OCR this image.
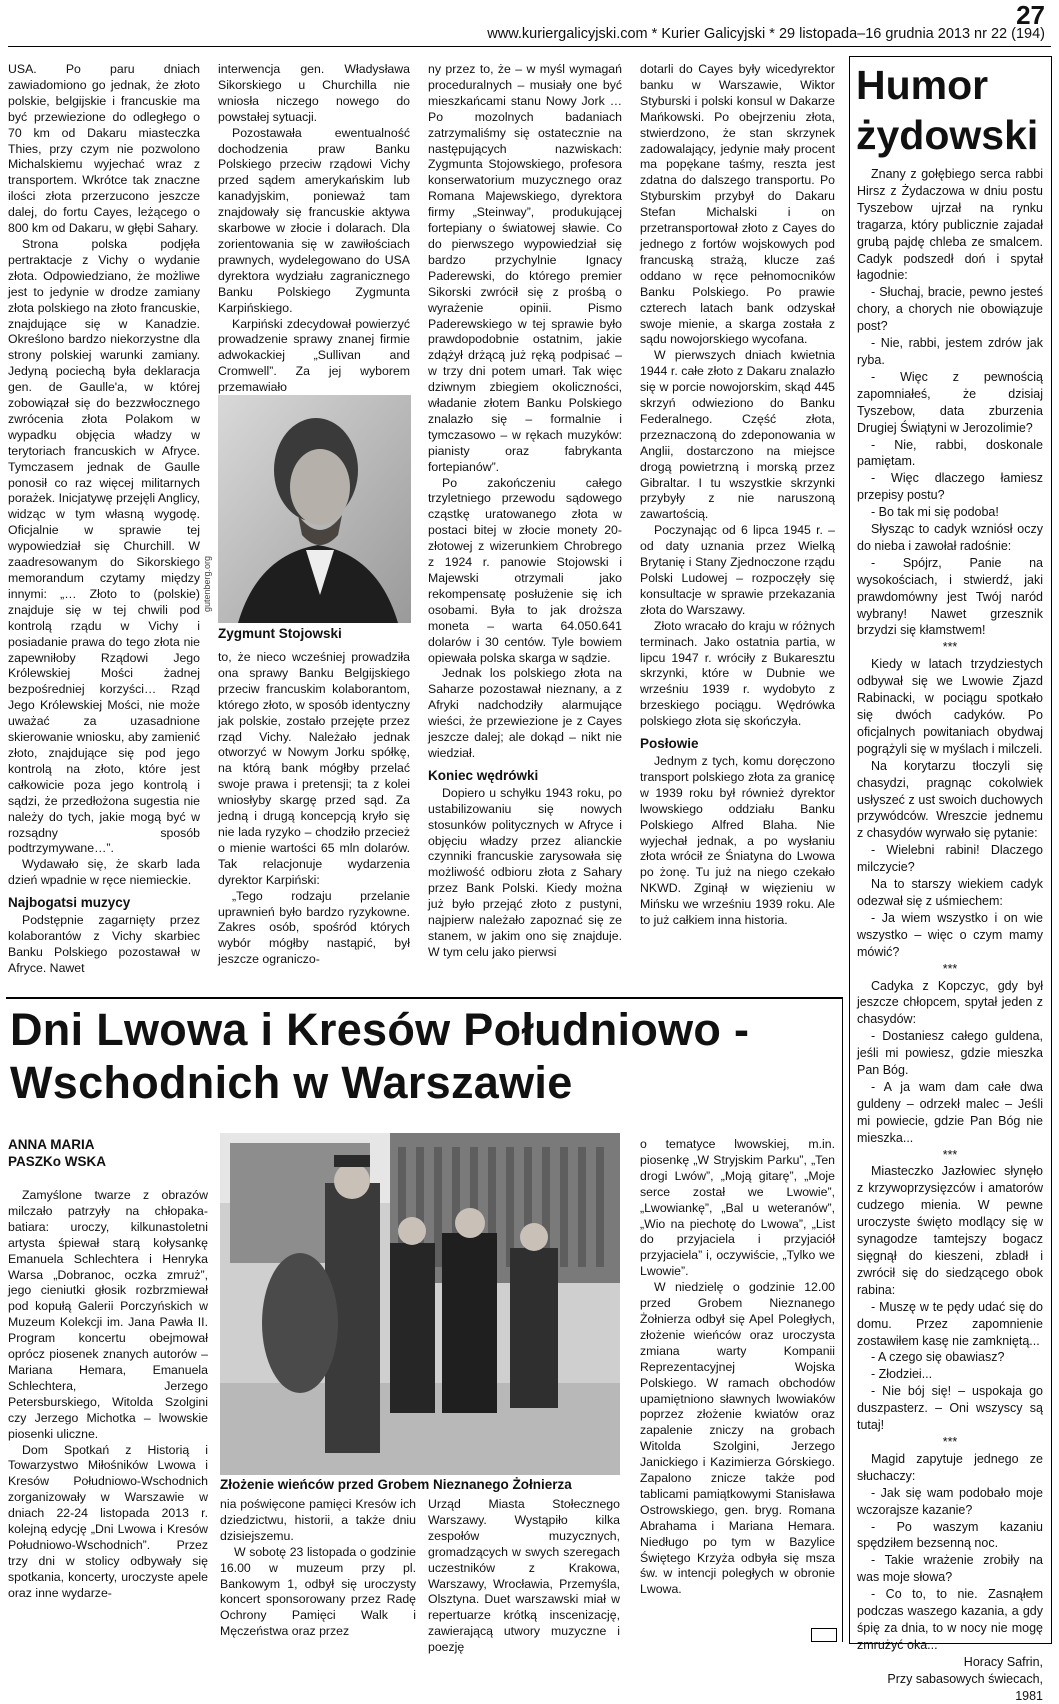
27
www.kuriergalicyjski.com * Kurier Galicyjski * 29 listopada–16 grudnia 2013 nr 22 (194)

USA. Po paru dniach zawiadomiono go jednak, że złoto polskie, belgijskie i francuskie ma być przewiezione do odległego o 70 km od Dakaru miasteczka Thies, przy czym nie pozwolono Michalskiemu wyjechać wraz z transportem. Wkrótce tak znaczne ilości złota przerzucono jeszcze dalej, do fortu Cayes, leżącego o 800 km od Dakaru, w głębi Sahary.

Strona polska podjęła pertraktacje z Vichy o wydanie złota. Odpowiedziano, że możliwe jest to jedynie w drodze zamiany złota polskiego na złoto francuskie, znajdujące się w Kanadzie. Określono bardzo niekorzystne dla strony polskiej warunki zamiany. Jedyną pociechą była deklaracja gen. de Gaulle'a, w której zobowiązał się do bezzwłocznego zwrócenia złota Polakom w wypadku objęcia władzy w terytoriach francuskich w Afryce. Tymczasem jednak de Gaulle ponosił co raz więcej militarnych porażek. Inicjatywę przejęli Anglicy, widząc w tym własną wygodę. Oficjalnie w sprawie tej wypowiedział się Churchill. W zaadresowanym do Sikorskiego memorandum czytamy między innymi: „… Złoto to (polskie) znajduje się w tej chwili pod kontrolą rządu w Vichy i posiadanie prawa do tego złota nie zapewniłoby Rządowi Jego Królewskiej Mości żadnej bezpośredniej korzyści… Rząd Jego Królewskiej Mości, nie może uważać za uzasadnione skierowanie wniosku, aby zamienić złoto, znajdujące się pod jego kontrolą na złoto, które jest całkowicie poza jego kontrolą i sądzi, że przedłożona sugestia nie należy do tych, jakie mogą być w rozsądny sposób podtrzymywane…”.

Wydawało się, że skarb lada dzień wpadnie w ręce niemieckie.

Najbogatsi muzycy

Podstępnie zagarnięty przez kolaborantów z Vichy skarbiec Banku Polskiego pozostawał w Afryce. Nawet

interwencja gen. Władysława Sikorskiego u Churchilla nie wniosła niczego nowego do powstałej sytuacji.

Pozostawała ewentualność dochodzenia praw Banku Polskiego przeciw rządowi Vichy przed sądem amerykańskim lub kanadyjskim, ponieważ tam znajdowały się francuskie aktywa skarbowe w złocie i dolarach. Dla zorientowania się w zawiłościach prawnych, wydelegowano do USA dyrektora wydziału zagranicznego Banku Polskiego Zygmunta Karpińskiego.

Karpiński zdecydował powierzyć prowadzenie sprawy znanej firmie adwokackiej „Sullivan and Cromwell”. Za jej wyborem przemawiało

gutenberg.org
Zygmunt Stojowski

to, że nieco wcześniej prowadziła ona sprawy Banku Belgijskiego przeciw francuskim kolaborantom, którego złoto, w sposób identyczny jak polskie, zostało przejęte przez rząd Vichy. Należało jednak otworzyć w Nowym Jorku spółkę, na którą bank mógłby przelać swoje prawa i pretensji; ta z kolei wniosłyby skargę przed sąd. Za jedną i drugą koncepcją kryło się nie lada ryzyko – chodziło przecież o mienie wartości 65 mln dolarów. Tak relacjonuje wydarzenia dyrektor Karpiński:

„Tego rodzaju przelanie uprawnień było bardzo ryzykowne. Zakres osób, spośród których wybór mógłby nastąpić, był jeszcze ograniczo-

ny przez to, że – w myśl wymagań proceduralnych – musiały one być mieszkańcami stanu Nowy Jork …Po mozolnych badaniach zatrzymaliśmy się ostatecznie na następujących nazwiskach: Zygmunta Stojowskiego, profesora konserwatorium muzycznego oraz Romana Majewskiego, dyrektora firmy „Steinway”, produkującej fortepiany o światowej sławie. Co do pierwszego wypowiedział się bardzo przychylnie Ignacy Paderewski, do którego premier Sikorski zwrócił się z prośbą o wyrażenie opinii. Pismo Paderewskiego w tej sprawie było prawdopodobnie ostatnim, jakie zdążył drżącą już ręką podpisać – w trzy dni potem umarł. Tak więc dziwnym zbiegiem okoliczności, władanie złotem Banku Polskiego znalazło się – formalnie i tymczasowo – w rękach muzyków: pianisty oraz fabrykanta fortepianów”.

Po zakończeniu całego trzyletniego przewodu sądowego cząstkę uratowanego złota w postaci bitej w złocie monety 20-złotowej z wizerunkiem Chrobrego z 1924 r. panowie Stojowski i Majewski otrzymali jako rekompensatę posłużenie się ich osobami. Była to jak droższa moneta – warta 64.050.641 dolarów i 30 centów. Tyle bowiem opiewała polska skarga w sądzie.

Jednak los polskiego złota na Saharze pozostawał nieznany, a z Afryki nadchodziły alarmujące wieści, że przewiezione je z Cayes jeszcze dalej; ale dokąd – nikt nie wiedział.

Koniec wędrówki

Dopiero u schyłku 1943 roku, po ustabilizowaniu się nowych stosunków politycznych w Afryce i objęciu władzy przez alianckie czynniki francuskie zarysowała się możliwość odbioru złota z Sahary przez Bank Polski. Kiedy można już było przejąć złoto z pustyni, najpierw należało zapoznać się ze stanem, w jakim ono się znajduje. W tym celu jako pierwsi

dotarli do Cayes były wicedyrektor banku w Warszawie, Wiktor Styburski i polski konsul w Dakarze Mańkowski. Po obejrzeniu złota, stwierdzono, że stan skrzynek zadowalający, jedynie mały procent ma popękane taśmy, reszta jest zdatna do dalszego transportu. Po Styburskim przybył do Dakaru Stefan Michalski i on przetransportował złoto z Cayes do jednego z fortów wojskowych pod francuską strażą, klucze zaś oddano w ręce pełnomocników Banku Polskiego. Po prawie czterech latach bank odzyskał swoje mienie, a skarga została z sądu nowojorskiego wycofana.

W pierwszych dniach kwietnia 1944 r. całe złoto z Dakaru znalazło się w porcie nowojorskim, skąd 445 skrzyń odwieziono do Banku Federalnego. Część złota, przeznaczoną do zdeponowania w Anglii, dostarczono na miejsce drogą powietrzną i morską przez Gibraltar. I tu wszystkie skrzynki przybyły z nie naruszoną zawartością.

Poczynając od 6 lipca 1945 r. – od daty uznania przez Wielką Brytanię i Stany Zjednoczone rządu Polski Ludowej – rozpoczęły się konsultacje w sprawie przekazania złota do Warszawy.

Złoto wracało do kraju w różnych terminach. Jako ostatnia partia, w lipcu 1947 r. wróciły z Bukaresztu skrzynki, które w Dubnie we wrześniu 1939 r. wydobyto z brzeskiego pociągu. Wędrówka polskiego złota się skończyła.

Posłowie

Jednym z tych, komu doręczono transport polskiego złota za granicę w 1939 roku był również dyrektor lwowskiego oddziału Banku Polskiego Alfred Blaha. Nie wyjechał jednak, a po wysłaniu złota wrócił ze Śniatyna do Lwowa po żonę. Tu już na niego czekało NKWD. Zginął w więzieniu w Mińsku we wrześniu 1939 roku. Ale to już całkiem inna historia.

Humor żydowski

Znany z gołębiego serca rabbi Hirsz z Żydaczowa w dniu postu Tyszebow ujrzał na rynku tragarza, który publicznie zajadał grubą pajdę chleba ze smalcem. Cadyk podszedł doń i spytał łagodnie:

- Słuchaj, bracie, pewno jesteś chory, a chorych nie obowiązuje post?

- Nie, rabbi, jestem zdrów jak ryba.

- Więc z pewnością zapomniałeś, że dzisiaj Tyszebow, data zburzenia Drugiej Świątyni w Jerozolimie?

- Nie, rabbi, doskonale pamiętam.

- Więc dlaczego łamiesz przepisy postu?

- Bo tak mi się podoba!

Słysząc to cadyk wzniósł oczy do nieba i zawołał radośnie:

- Spójrz, Panie na wysokościach, i stwierdź, jaki prawdomówny jest Twój naród wybrany! Nawet grzesznik brzydzi się kłamstwem!

***

Kiedy w latach trzydziestych odbywał się we Lwowie Zjazd Rabinacki, w pociągu spotkało się dwóch cadyków. Po oficjalnych powitaniach obydwaj pogrążyli się w myślach i milczeli.

Na korytarzu tłoczyli się chasydzi, pragnąc cokolwiek usłyszeć z ust swoich duchowych przywódców. Wreszcie jednemu z chasydów wyrwało się pytanie:

- Wielebni rabini! Dlaczego milczycie?

Na to starszy wiekiem cadyk odezwał się z uśmiechem:

- Ja wiem wszystko i on wie wszystko – więc o czym mamy mówić?

***

Cadyka z Kopczyc, gdy był jeszcze chłopcem, spytał jeden z chasydów:

- Dostaniesz całego guldena, jeśli mi powiesz, gdzie mieszka Pan Bóg.

- A ja wam dam całe dwa guldeny – odrzekł malec – Jeśli mi powiecie, gdzie Pan Bóg nie mieszka...

***

Miasteczko Jazłowiec słynęło z krzywoprzysięzców i amatorów cudzego mienia. W pewne uroczyste święto modlący się w synagodze tamtejszy bogacz sięgnął do kieszeni, zbladł i zwrócił się do siedzącego obok rabina:

- Muszę w te pędy udać się do domu. Przez zapomnienie zostawiłem kasę nie zamkniętą...

- A czego się obawiasz?

- Złodziei...

- Nie bój się! – uspokaja go duszpasterz. – Oni wszyscy są tutaj!

***

Magid zapytuje jednego ze słuchaczy:

- Jak się wam podobało moje wczorajsze kazanie?

- Po waszym kazaniu spędziłem bezsenną noc.

- Takie wrażenie zrobiły na was moje słowa?

- Co to, to nie. Zasnąłem podczas waszego kazania, a gdy śpię za dnia, to w nocy nie mogę zmrużyć oka...

Horacy Safrin,

Przy sabasowych świecach, 1981

Dni Lwowa i Kresów Południowo -
Wschodnich w Warszawie
ANNA MARIA
PASZKo WSKA

Zamyślone twarze z obrazów milczało patrzyły na chłopaka-batiara: uroczy, kilkunastoletni artysta śpiewał starą kołysankę Emanuela Schlechtera i Henryka Warsa „Dobranoc, oczka zmruż”, jego cieniutki głosik rozbrzmiewał pod kopułą Galerii Porczyńskich w Muzeum Kolekcji im. Jana Pawła II. Program koncertu obejmował oprócz piosenek znanych autorów – Mariana Hemara, Emanuela Schlechtera, Jerzego Petersburskiego, Witolda Szolgini czy Jerzego Michotka – lwowskie piosenki uliczne.

Dom Spotkań z Historią i Towarzystwo Miłośników Lwowa i Kresów Południowo-Wschodnich zorganizowały w Warszawie w dniach 22-24 listopada 2013 r. kolejną edycję „Dni Lwowa i Kresów Południowo-Wschodnich”. Przez trzy dni w stolicy odbywały się spotkania, koncerty, uroczyste apele oraz inne wydarze-

Złożenie wieńców przed Grobem Nieznanego Żołnierza

nia poświęcone pamięci Kresów ich dziedzictwu, historii, a także dniu dzisiejszemu.

W sobotę 23 listopada o godzinie 16.00 w muzeum przy pl. Bankowym 1, odbył się uroczysty koncert sponsorowany przez Radę Ochrony Pamięci Walk i Męczeństwa oraz przez

Urząd Miasta Stołecznego Warszawy. Wystąpiło kilka zespołów muzycznych, gromadzących w swych szeregach uczestników z Krakowa, Warszawy, Wrocławia, Przemyśla, Olsztyna. Duet warszawski miał w repertuarze krótką inscenizację, zawierającą utwory muzyczne i poezję

o tematyce lwowskiej, m.in. piosenkę „W Stryjskim Parku”, „Ten drogi Lwów”, „Moją gitarę”, „Moje serce został we Lwowie”, „Lwowiankę”, „Bal u weteranów”, „Wio na piechotę do Lwowa”, „List do przyjaciela i przyjaciół przyjaciela” i, oczywiście, „Tylko we Lwowie”.

W niedzielę o godzinie 12.00 przed Grobem Nieznanego Żołnierza odbył się Apel Poległych, złożenie wieńców oraz uroczysta zmiana warty Kompanii Reprezentacyjnej Wojska Polskiego. W ramach obchodów upamiętniono sławnych lwowiaków poprzez złożenie kwiatów oraz zapalenie zniczy na grobach Witolda Szolgini, Jerzego Janickiego i Kazimierza Górskiego. Zapalono znicze także pod tablicami pamiątkowymi Stanisława Ostrowskiego, gen. bryg. Romana Abrahama i Mariana Hemara. Niedługo po tym w Bazylice Świętego Krzyża odbyła się msza św. w intencji poległych w obronie Lwowa.
